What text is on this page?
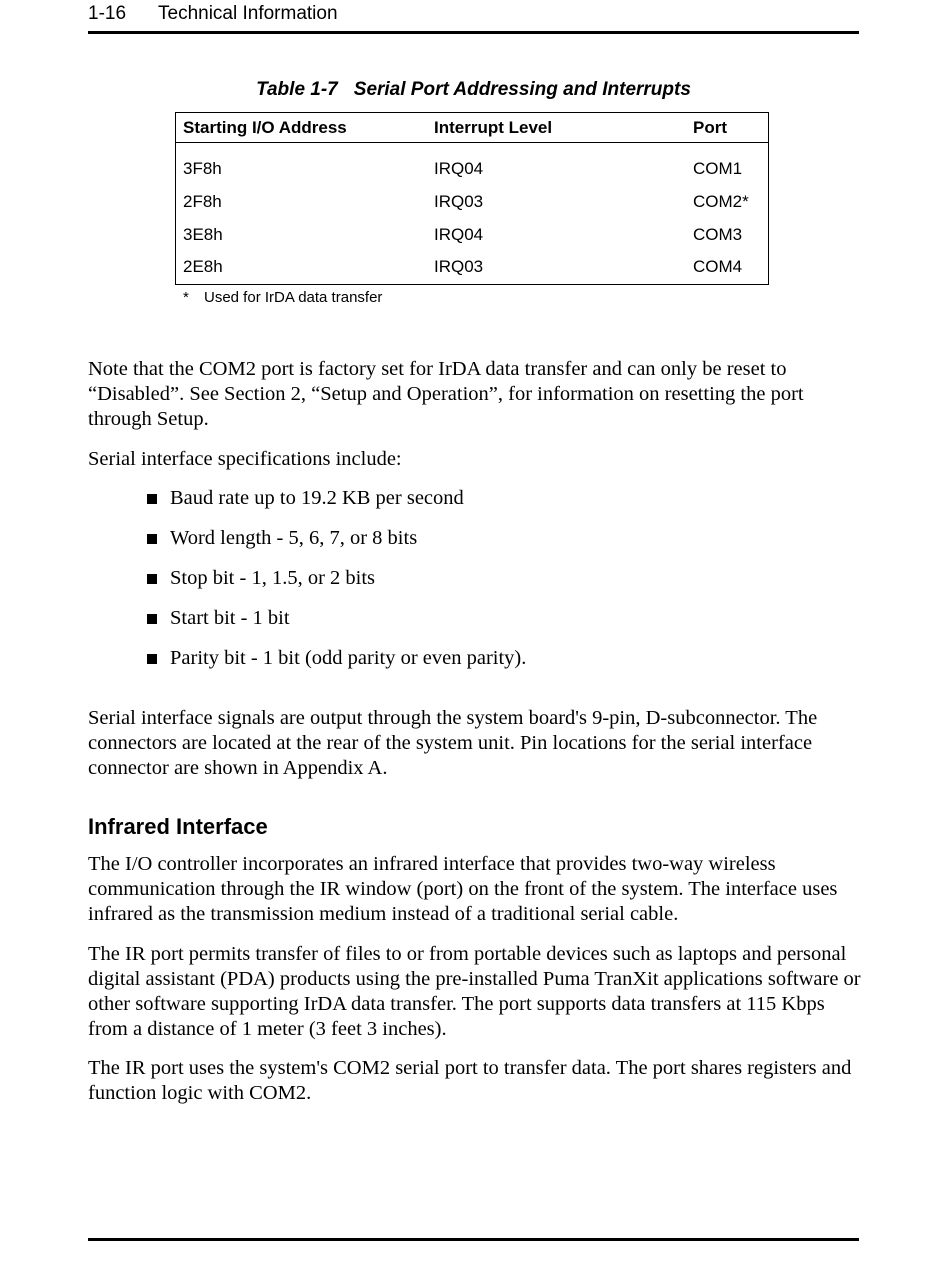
1-16 Technical Information
Table 1-7 Serial Port Addressing and Interrupts
Starting I/O Address	Interrupt Level	Port
3F8h	IRQ04	COM1
2F8h	IRQ03	COM2*
3E8h	IRQ04	COM3
2E8h	IRQ03	COM4
* Used for IrDA data transfer

Note that the COM2 port is factory set for IrDA data transfer and can only be reset to “Disabled”. See Section 2, “Setup and Operation”, for information on resetting the port through Setup.

Serial interface specifications include:

Baud rate up to 19.2 KB per second
Word length - 5, 6, 7, or 8 bits
Stop bit - 1, 1.5, or 2 bits
Start bit - 1 bit
Parity bit - 1 bit (odd parity or even parity).

Serial interface signals are output through the system board's 9-pin, D-subconnector. The connectors are located at the rear of the system unit. Pin locations for the serial interface connector are shown in Appendix A.

Infrared Interface

The I/O controller incorporates an infrared interface that provides two-way wireless communication through the IR window (port) on the front of the system. The interface uses infrared as the transmission medium instead of a traditional serial cable.

The IR port permits transfer of files to or from portable devices such as laptops and personal digital assistant (PDA) products using the pre-installed Puma TranXit applications software or other software supporting IrDA data transfer. The port supports data transfers at 115 Kbps from a distance of 1 meter (3 feet 3 inches).

The IR port uses the system's COM2 serial port to transfer data. The port shares registers and function logic with COM2.
